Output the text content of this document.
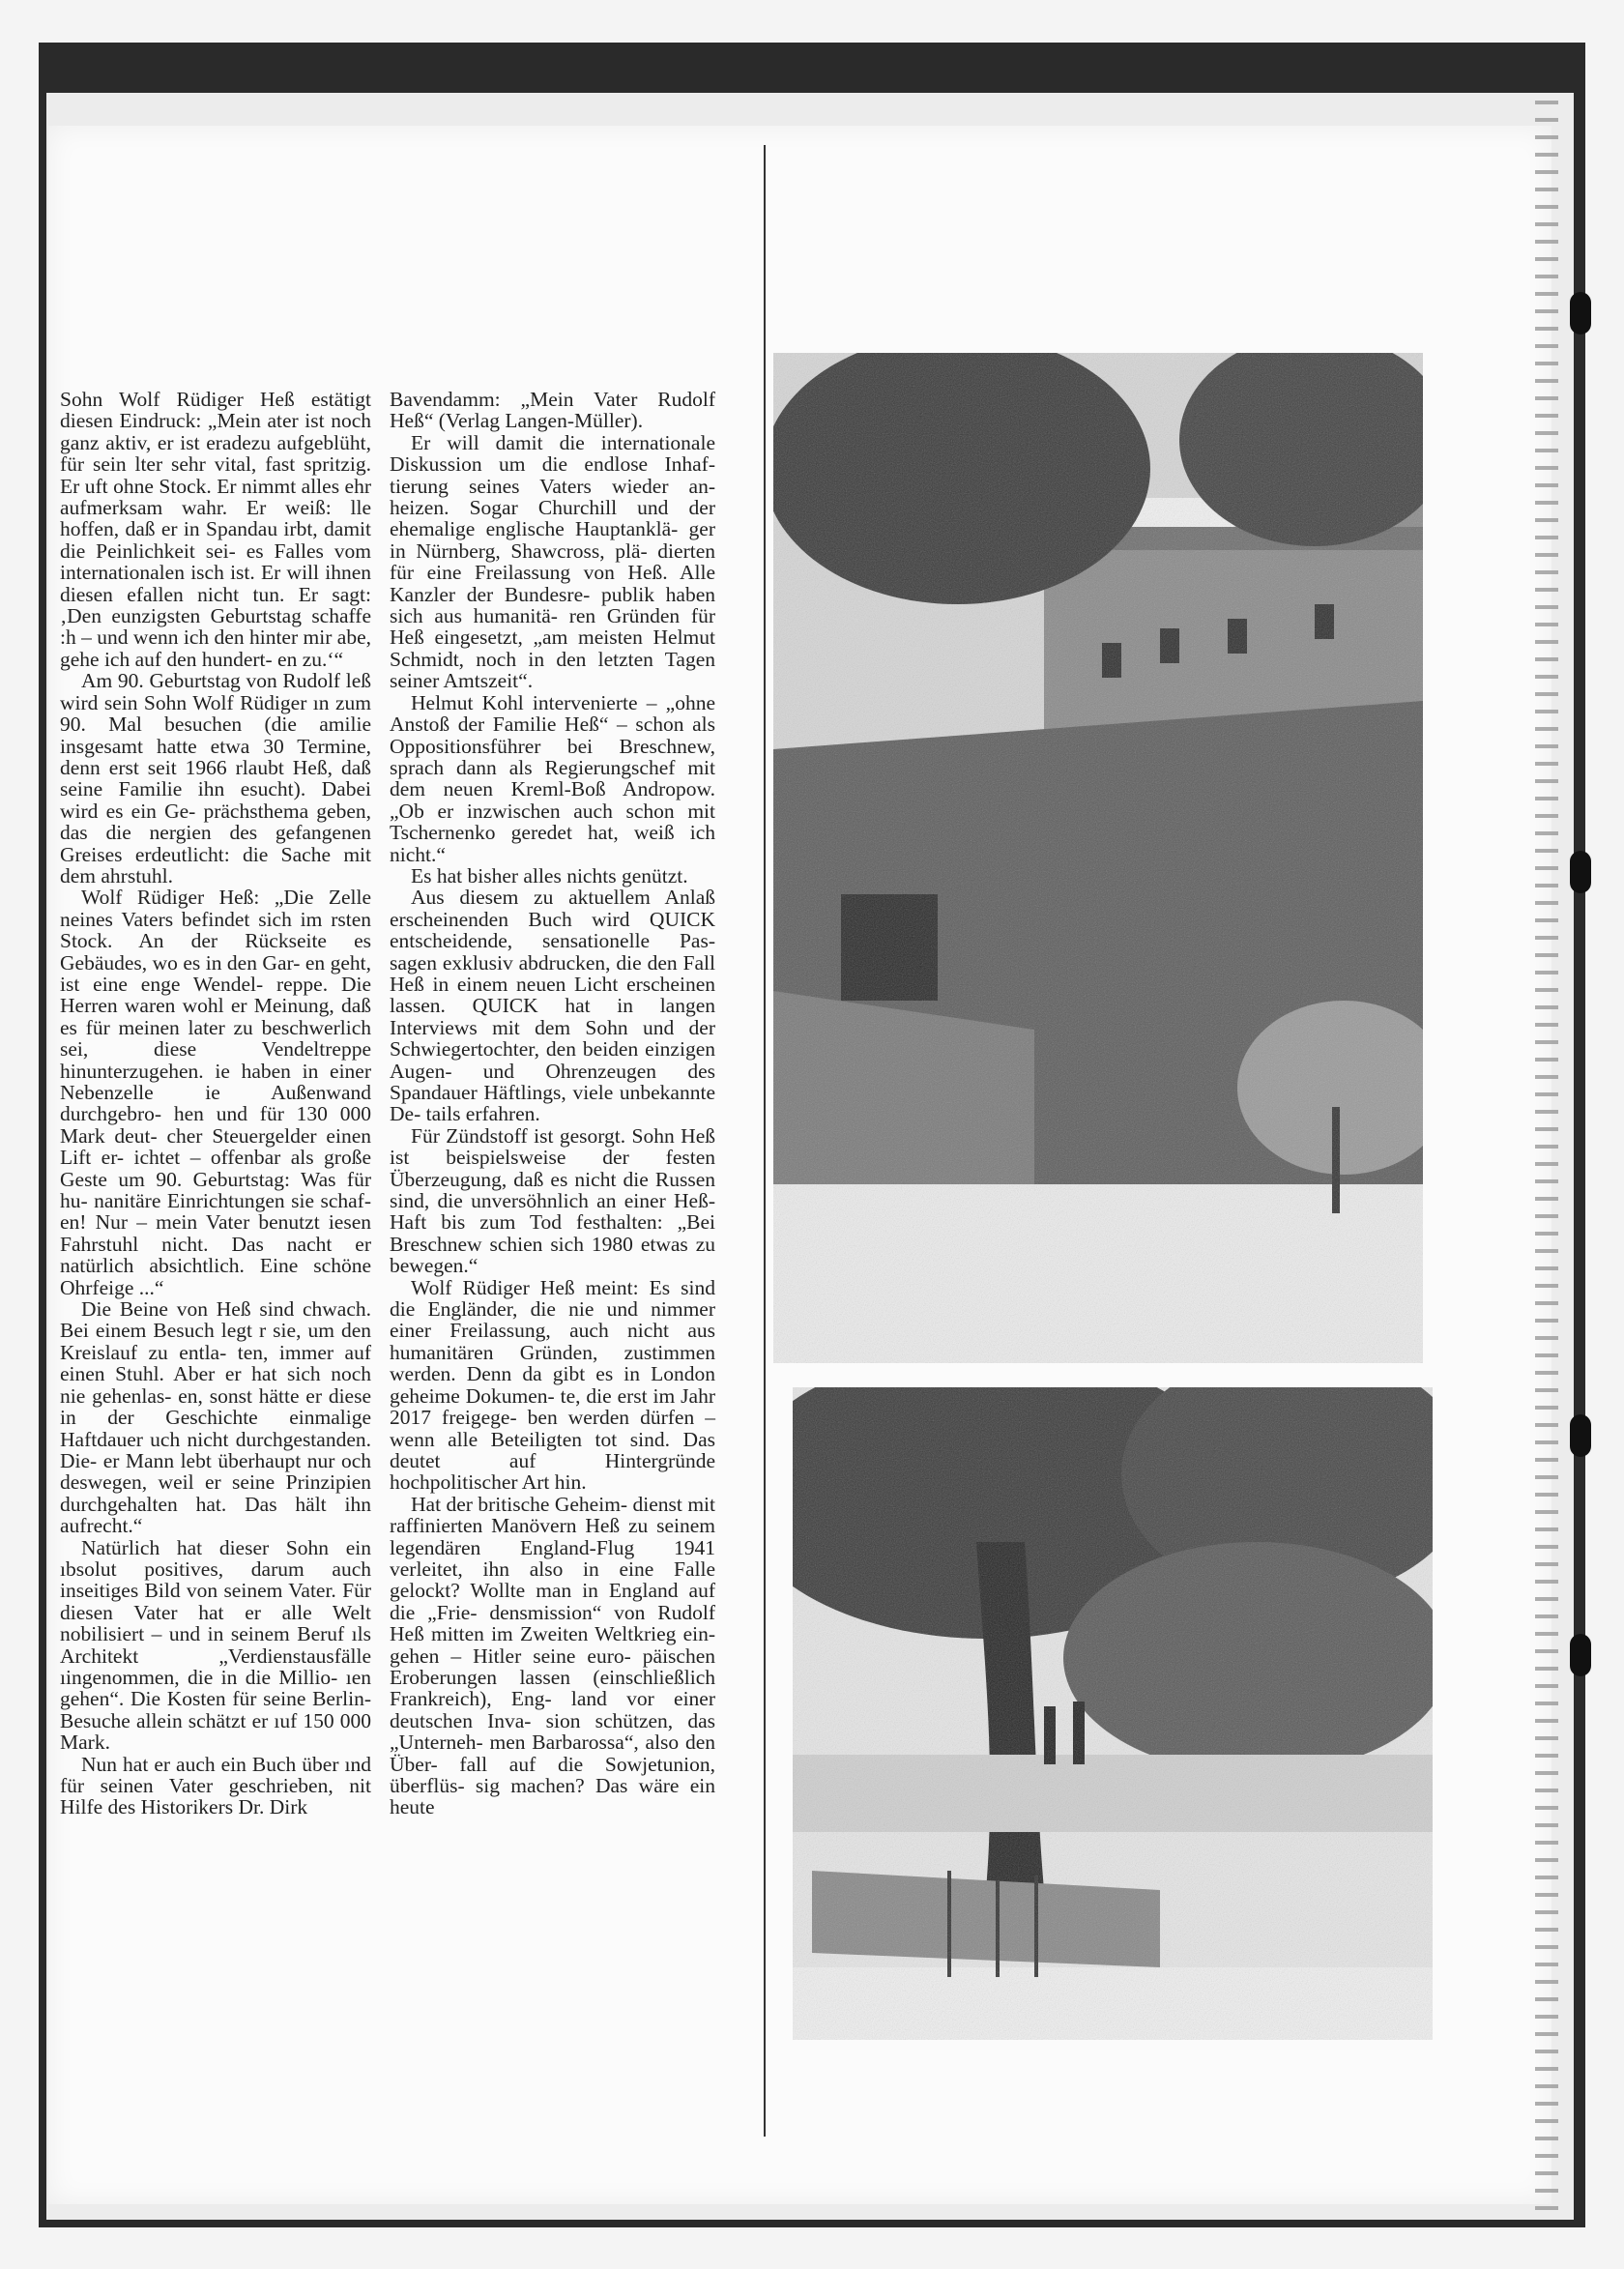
Sohn Wolf Rüdiger Heß estätigt diesen Eindruck: „Mein ater ist noch ganz aktiv, er ist eradezu aufgeblüht, für sein lter sehr vital, fast spritzig. Er uft ohne Stock. Er nimmt alles ehr aufmerksam wahr. Er weiß: lle hoffen, daß er in Spandau irbt, damit die Peinlichkeit sei- es Falles vom internationalen isch ist. Er will ihnen diesen efallen nicht tun. Er sagt: ‚Den eunzigsten Geburtstag schaffe :h – und wenn ich den hinter mir abe, gehe ich auf den hundert- en zu.‘“

Am 90. Geburtstag von Rudolf leß wird sein Sohn Wolf Rüdiger ın zum 90. Mal besuchen (die amilie insgesamt hatte etwa 30 Termine, denn erst seit 1966 rlaubt Heß, daß seine Familie ihn esucht). Dabei wird es ein Ge- prächsthema geben, das die nergien des gefangenen Greises erdeutlicht: die Sache mit dem ahrstuhl.

Wolf Rüdiger Heß: „Die Zelle neines Vaters befindet sich im rsten Stock. An der Rückseite es Gebäudes, wo es in den Gar- en geht, ist eine enge Wendel- reppe. Die Herren waren wohl er Meinung, daß es für meinen later zu beschwerlich sei, diese Vendeltreppe hinunterzugehen. ie haben in einer Nebenzelle ie Außenwand durchgebro- hen und für 130 000 Mark deut- cher Steuergelder einen Lift er- ichtet – offenbar als große Geste um 90. Geburtstag: Was für hu- nanitäre Einrichtungen sie schaf- en! Nur – mein Vater benutzt iesen Fahrstuhl nicht. Das nacht er natürlich absichtlich. Eine schöne Ohrfeige ...“

Die Beine von Heß sind chwach. Bei einem Besuch legt r sie, um den Kreislauf zu entla- ten, immer auf einen Stuhl. Aber er hat sich noch nie gehenlas- en, sonst hätte er diese in der Geschichte einmalige Haftdauer uch nicht durchgestanden. Die- er Mann lebt überhaupt nur och deswegen, weil er seine Prinzipien durchgehalten hat. Das hält ihn aufrecht.“

Natürlich hat dieser Sohn ein ıbsolut positives, darum auch inseitiges Bild von seinem Vater. Für diesen Vater hat er alle Welt nobilisiert – und in seinem Beruf ıls Architekt „Verdienstausfälle ıingenommen, die in die Millio- ıen gehen“. Die Kosten für seine Berlin-Besuche allein schätzt er ıuf 150 000 Mark.

Nun hat er auch ein Buch über ınd für seinen Vater geschrieben, nit Hilfe des Historikers Dr. Dirk

Bavendamm: „Mein Vater Rudolf Heß“ (Verlag Langen-Müller).

Er will damit die internationale Diskussion um die endlose Inhaf- tierung seines Vaters wieder an- heizen. Sogar Churchill und der ehemalige englische Hauptanklä- ger in Nürnberg, Shawcross, plä- dierten für eine Freilassung von Heß. Alle Kanzler der Bundesre- publik haben sich aus humanitä- ren Gründen für Heß eingesetzt, „am meisten Helmut Schmidt, noch in den letzten Tagen seiner Amtszeit“.

Helmut Kohl intervenierte – „ohne Anstoß der Familie Heß“ – schon als Oppositionsführer bei Breschnew, sprach dann als Regierungschef mit dem neuen Kreml-Boß Andropow. „Ob er inzwischen auch schon mit Tschernenko geredet hat, weiß ich nicht.“

Es hat bisher alles nichts genützt.

Aus diesem zu aktuellem Anlaß erscheinenden Buch wird QUICK entscheidende, sensationelle Pas- sagen exklusiv abdrucken, die den Fall Heß in einem neuen Licht erscheinen lassen. QUICK hat in langen Interviews mit dem Sohn und der Schwiegertochter, den beiden einzigen Augen- und Ohrenzeugen des Spandauer Häftlings, viele unbekannte De- tails erfahren.

Für Zündstoff ist gesorgt. Sohn Heß ist beispielsweise der festen Überzeugung, daß es nicht die Russen sind, die unversöhnlich an einer Heß-Haft bis zum Tod festhalten: „Bei Breschnew schien sich 1980 etwas zu bewegen.“

Wolf Rüdiger Heß meint: Es sind die Engländer, die nie und nimmer einer Freilassung, auch nicht aus humanitären Gründen, zustimmen werden. Denn da gibt es in London geheime Dokumen- te, die erst im Jahr 2017 freigege- ben werden dürfen – wenn alle Beteiligten tot sind. Das deutet auf Hintergründe hochpolitischer Art hin.

Hat der britische Geheim- dienst mit raffinierten Manövern Heß zu seinem legendären England-Flug 1941 verleitet, ihn also in eine Falle gelockt? Wollte man in England auf die „Frie- densmission“ von Rudolf Heß mitten im Zweiten Weltkrieg ein- gehen – Hitler seine euro- päischen Eroberungen lassen (einschließlich Frankreich), Eng- land vor einer deutschen Inva- sion schützen, das „Unterneh- men Barbarossa“, also den Über- fall auf die Sowjetunion, überflüs- sig machen? Das wäre ein heute
